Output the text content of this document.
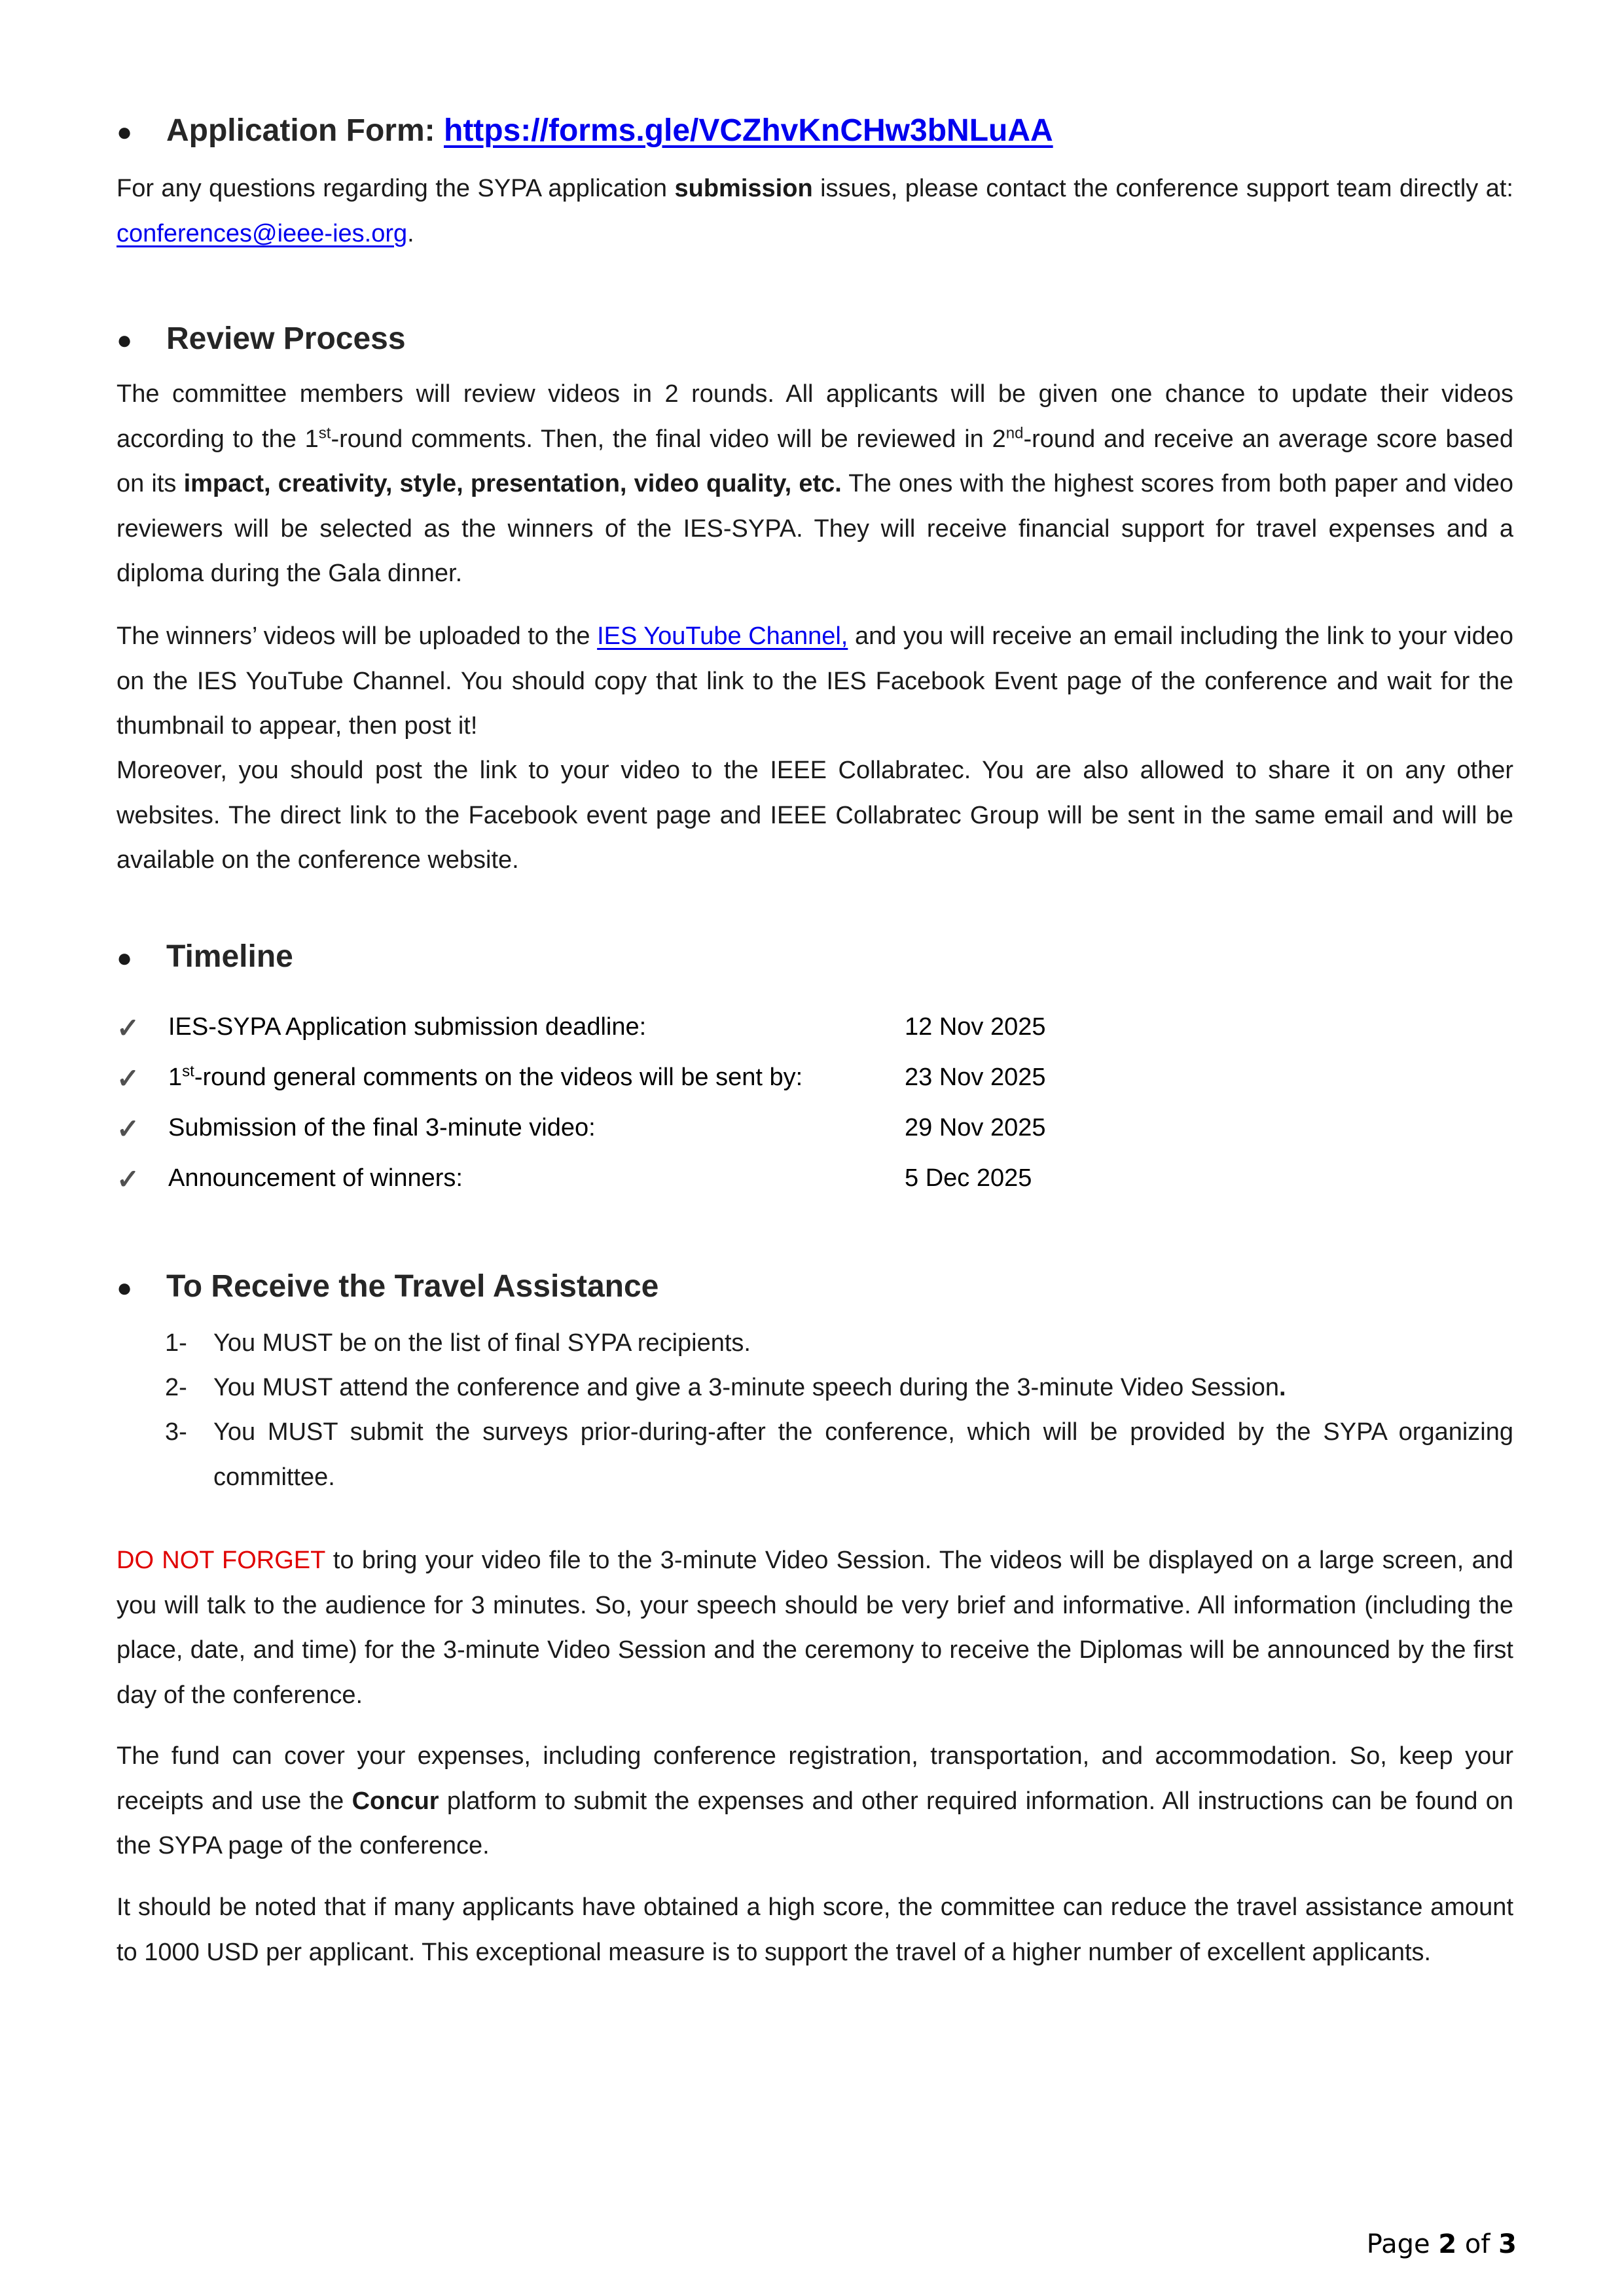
● Application Form: https://forms.gle/VCZhvKnCHw3bNLuAA
For any questions regarding the SYPA application submission issues, please contact the conference support team directly at: conferences@ieee-ies.org.
● Review Process
The committee members will review videos in 2 rounds. All applicants will be given one chance to update their videos according to the 1st-round comments. Then, the final video will be reviewed in 2nd-round and receive an average score based on its impact, creativity, style, presentation, video quality, etc. The ones with the highest scores from both paper and video reviewers will be selected as the winners of the IES-SYPA. They will receive financial support for travel expenses and a diploma during the Gala dinner.
The winners’ videos will be uploaded to the IES YouTube Channel, and you will receive an email including the link to your video on the IES YouTube Channel. You should copy that link to the IES Facebook Event page of the conference and wait for the thumbnail to appear, then post it!
Moreover, you should post the link to your video to the IEEE Collabratec. You are also allowed to share it on any other websites. The direct link to the Facebook event page and IEEE Collabratec Group will be sent in the same email and will be available on the conference website.
● Timeline
✓ IES-SYPA Application submission deadline:	12 Nov 2025
✓ 1st-round general comments on the videos will be sent by:	23 Nov 2025
✓ Submission of the final 3-minute video:	29 Nov 2025
✓ Announcement of winners:	5 Dec 2025
● To Receive the Travel Assistance
1- You MUST be on the list of final SYPA recipients.
2- You MUST attend the conference and give a 3-minute speech during the 3-minute Video Session.
3- You MUST submit the surveys prior-during-after the conference, which will be provided by the SYPA organizing committee.
DO NOT FORGET to bring your video file to the 3-minute Video Session. The videos will be displayed on a large screen, and you will talk to the audience for 3 minutes. So, your speech should be very brief and informative. All information (including the place, date, and time) for the 3-minute Video Session and the ceremony to receive the Diplomas will be announced by the first day of the conference.
The fund can cover your expenses, including conference registration, transportation, and accommodation. So, keep your receipts and use the Concur platform to submit the expenses and other required information. All instructions can be found on the SYPA page of the conference.
It should be noted that if many applicants have obtained a high score, the committee can reduce the travel assistance amount to 1000 USD per applicant. This exceptional measure is to support the travel of a higher number of excellent applicants.
Page 2 of 3
